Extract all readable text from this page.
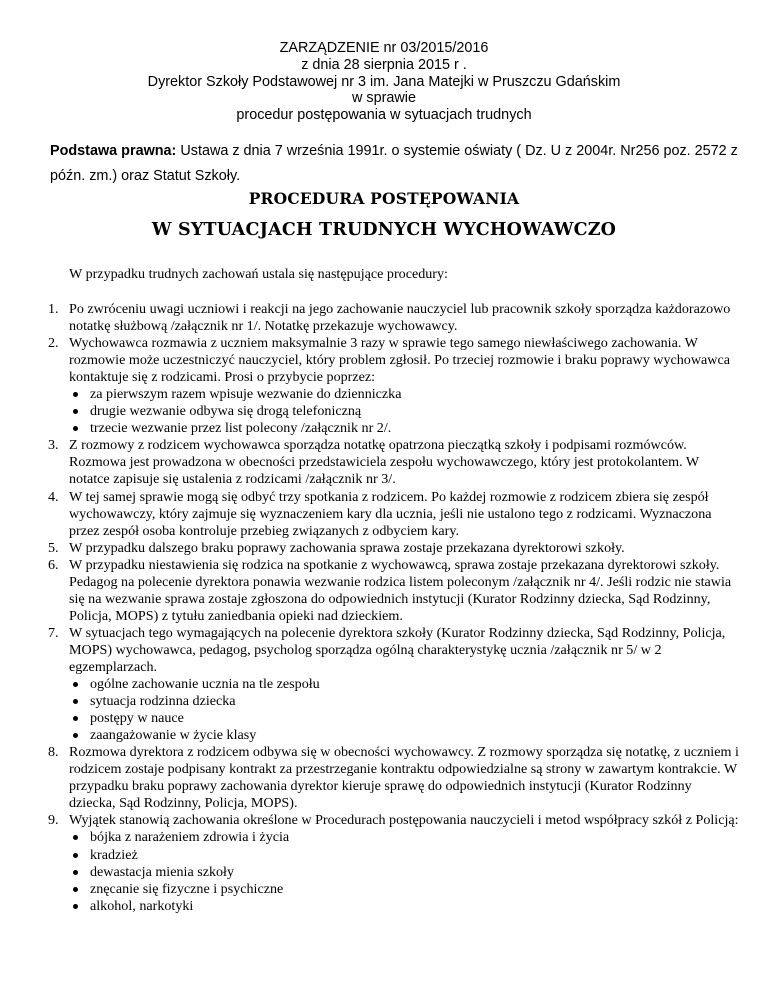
ZARZĄDZENIE nr 03/2015/2016
z dnia 28 sierpnia 2015 r .
Dyrektor Szkoły Podstawowej nr 3 im. Jana Matejki w Pruszczu Gdańskim
w sprawie
procedur postępowania w sytuacjach trudnych
Podstawa prawna: Ustawa z dnia 7 września 1991r. o systemie oświaty ( Dz. U z 2004r. Nr256 poz. 2572 z późn. zm.) oraz Statut Szkoły.
PROCEDURA POSTĘPOWANIA
W SYTUACJACH TRUDNYCH WYCHOWAWCZO
W przypadku trudnych zachowań ustala się następujące procedury:
1. Po zwróceniu uwagi uczniowi i reakcji na jego zachowanie nauczyciel lub pracownik szkoły sporządza każdorazowo notatkę służbową /załącznik nr 1/. Notatkę przekazuje wychowawcy.
2. Wychowawca rozmawia z uczniem maksymalnie 3 razy w sprawie tego samego niewłaściwego zachowania. W rozmowie może uczestniczyć nauczyciel, który problem zgłosił. Po trzeciej rozmowie i braku poprawy wychowawca kontaktuje się z rodzicami. Prosi o przybycie poprzez:
za pierwszym razem wpisuje wezwanie do dzienniczka
drugie wezwanie odbywa się drogą telefoniczną
trzecie wezwanie przez list polecony /załącznik nr 2/.
3. Z rozmowy z rodzicem wychowawca sporządza notatkę opatrzona pieczątką szkoły i podpisami rozmówców. Rozmowa jest prowadzona w obecności przedstawiciela zespołu wychowawczego, który jest protokolantem. W notatce zapisuje się ustalenia z rodzicami /załącznik nr 3/.
4. W tej samej sprawie mogą się odbyć trzy spotkania z rodzicem. Po każdej rozmowie z rodzicem zbiera się zespół wychowawczy, który zajmuje się wyznaczeniem kary dla ucznia, jeśli nie ustalono tego z rodzicami. Wyznaczona przez zespół osoba kontroluje przebieg związanych z odbyciem kary.
5. W przypadku dalszego braku poprawy zachowania sprawa zostaje przekazana dyrektorowi szkoły.
6. W przypadku niestawienia się rodzica na spotkanie z wychowawcą, sprawa zostaje przekazana dyrektorowi szkoły. Pedagog na polecenie dyrektora ponawia wezwanie rodzica listem poleconym /załącznik nr 4/. Jeśli rodzic nie stawia się na wezwanie sprawa zostaje zgłoszona do odpowiednich instytucji (Kurator Rodzinny dziecka, Sąd Rodzinny, Policja, MOPS) z tytułu zaniedbania opieki nad dzieckiem.
7. W sytuacjach tego wymagających na polecenie dyrektora szkoły (Kurator Rodzinny dziecka, Sąd Rodzinny, Policja, MOPS) wychowawca, pedagog, psycholog sporządza ogólną charakterystykę ucznia /załącznik nr 5/ w 2 egzemplarzach.
ogólne zachowanie ucznia na tle zespołu
sytuacja rodzinna dziecka
postępy w nauce
zaangażowanie w życie klasy
8. Rozmowa dyrektora z rodzicem odbywa się w obecności wychowawcy. Z rozmowy sporządza się notatkę, z uczniem i rodzicem zostaje podpisany kontrakt za przestrzeganie kontraktu odpowiedzialne są strony w zawartym kontrakcie. W przypadku braku poprawy zachowania dyrektor kieruje sprawę do odpowiednich instytucji (Kurator Rodzinny dziecka, Sąd Rodzinny, Policja, MOPS).
9. Wyjątek stanowią zachowania określone w Procedurach postępowania nauczycieli i metod współpracy szkół z Policją:
bójka z narażeniem zdrowia i życia
kradzież
dewastacja mienia szkoły
znęcanie się fizyczne i psychiczne
alkohol, narkotyki
